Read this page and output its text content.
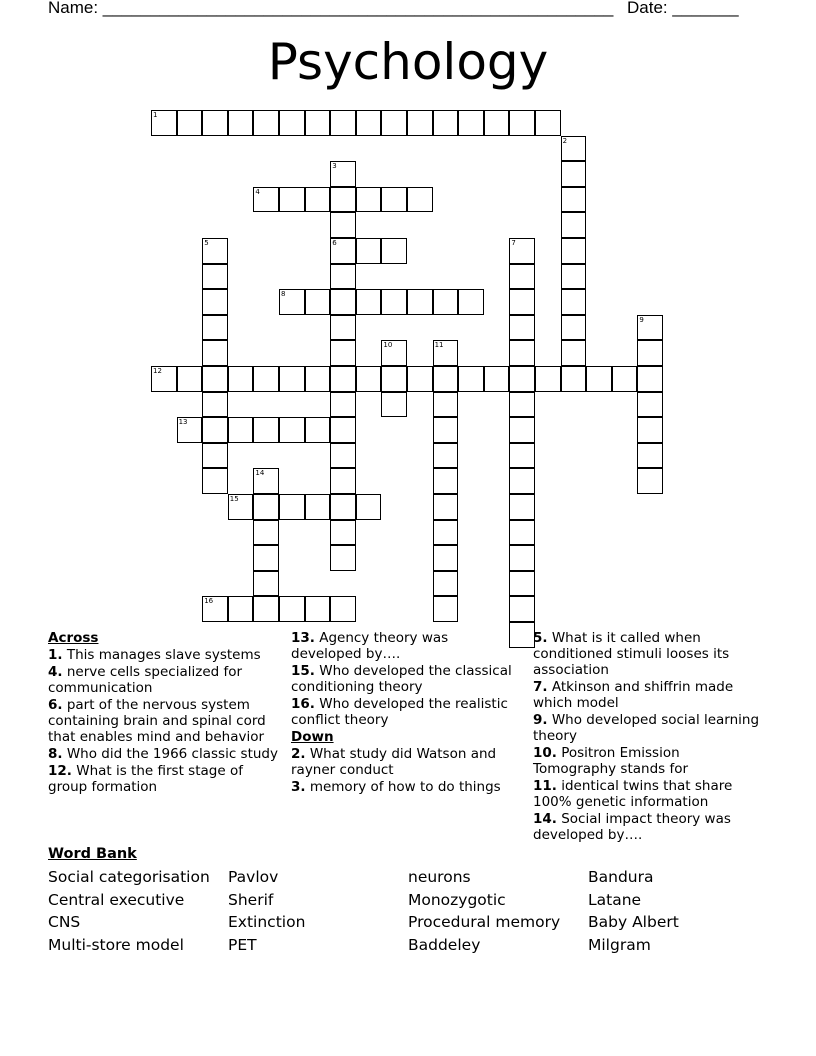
Name: ______________________________________________________ Date: _______
Psychology
1
2
3
6
4
5	7
8
9
10	11
12
13
14
15
16
Across
1. This manages slave systems
4. nerve cells specialized for communication
6. part of the nervous system containing brain and spinal cord that enables mind and behavior
8. Who did the 1966 classic study
12. What is the first stage of group formation
13. Agency theory was developed by….
15. Who developed the classical conditioning theory
16. Who developed the realistic conflict theory
Down
2. What study did Watson and rayner conduct
3. memory of how to do things
5. What is it called when conditioned stimuli looses its association
7. Atkinson and shiffrin made which model
9. Who developed social learning theory
10. Positron Emission Tomography stands for
11. identical twins that share 100% genetic information
14. Social impact theory was developed by….
Word Bank
Social categorisation
Central executive
CNS
Multi-store model
Pavlov
Sherif
Extinction
PET
neurons
Monozygotic
Procedural memory
Baddeley
Bandura
Latane
Baby Albert
Milgram
